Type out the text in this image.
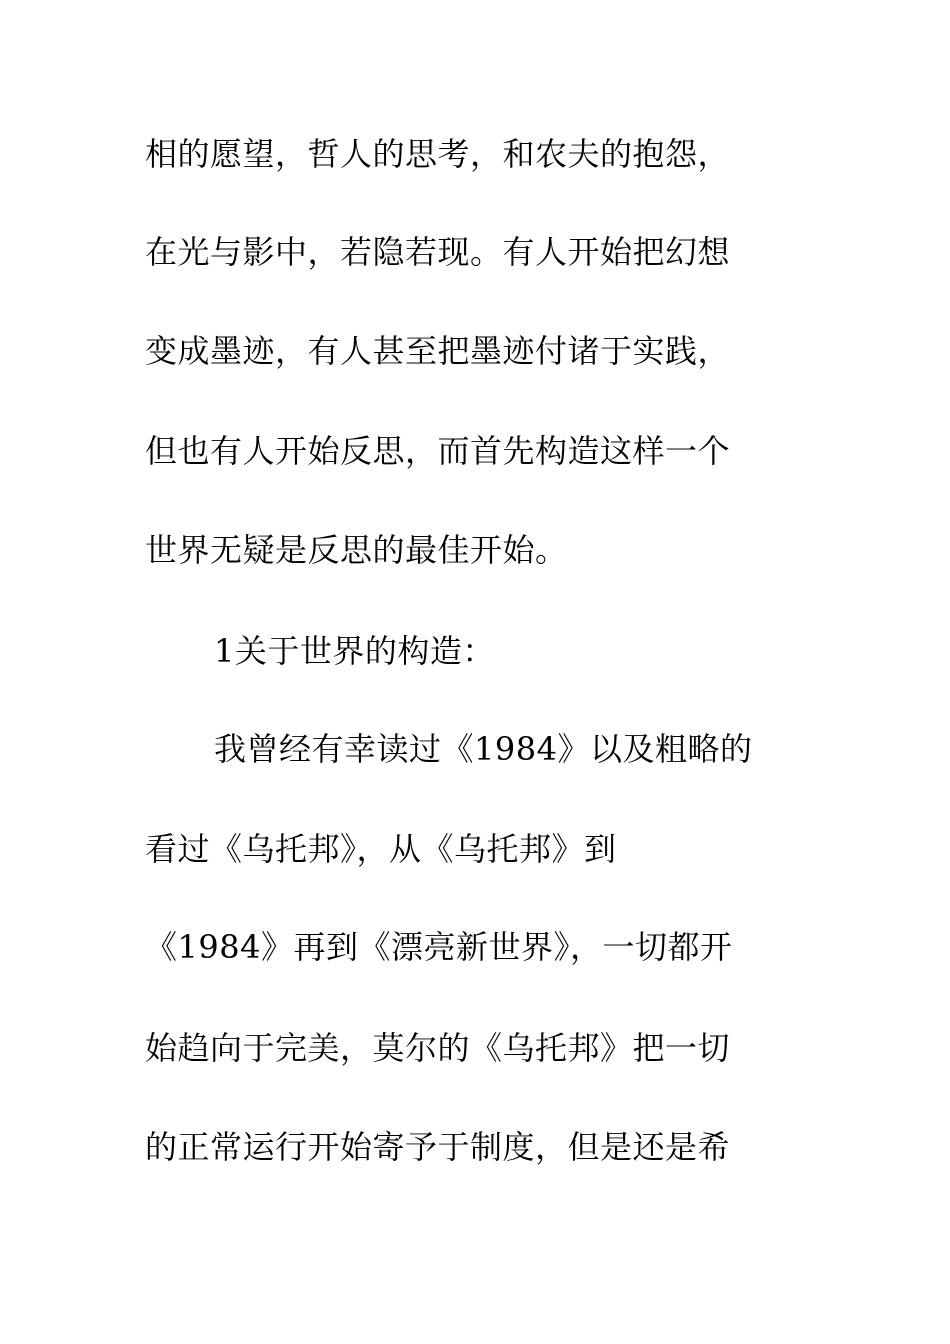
相的愿望，哲人的思考，和农夫的抱怨，
在光与影中，若隐若现。有人开始把幻想
变成墨迹，有人甚至把墨迹付诸于实践，
但也有人开始反思，而首先构造这样一个
世界无疑是反思的最佳开始。
1关于世界的构造：
我曾经有幸读过《1984》以及粗略的
看过《乌托邦》，从《乌托邦》到
《1984》再到《漂亮新世界》，一切都开
始趋向于完美，莫尔的《乌托邦》把一切
的正常运行开始寄予于制度，但是还是希
